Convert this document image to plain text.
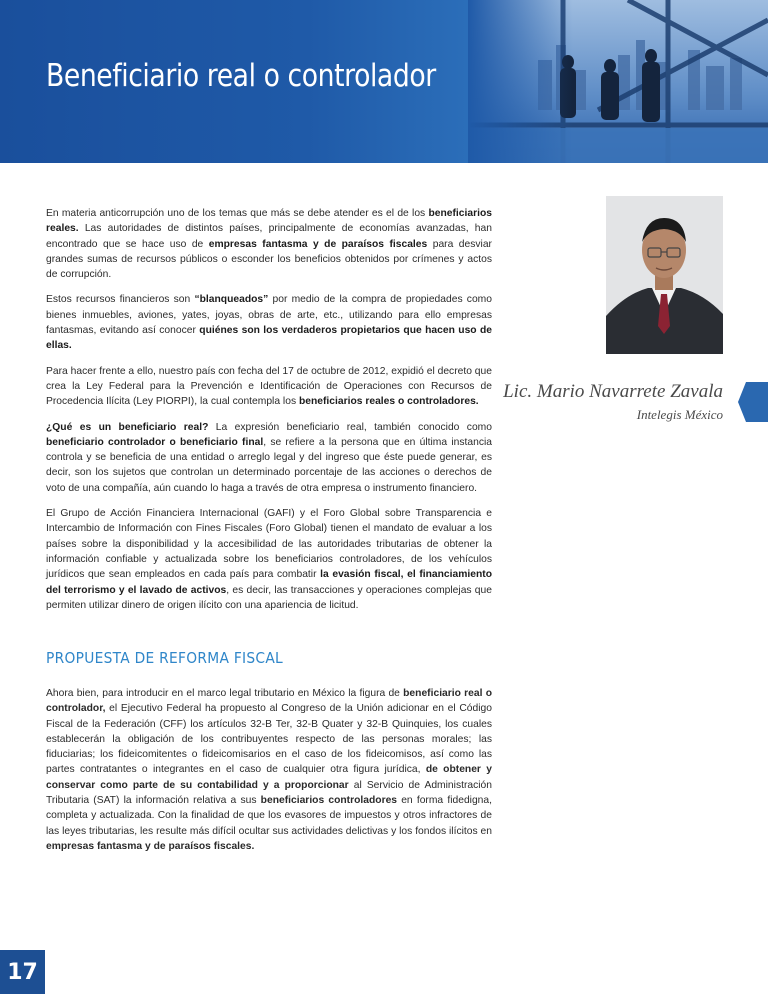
Beneficiario real o controlador

En materia anticorrupción uno de los temas que más se debe atender es el de los beneficiarios reales. Las autoridades de distintos países, principalmente de economías avanzadas, han encontrado que se hace uso de empresas fantasma y de paraísos fiscales para desviar grandes sumas de recursos públicos o esconder los beneficios obtenidos por crímenes y actos de corrupción.

Estos recursos financieros son “blanqueados” por medio de la compra de propiedades como bienes inmuebles, aviones, yates, joyas, obras de arte, etc., utilizando para ello empresas fantasmas, evitando así conocer quiénes son los verdaderos propietarios que hacen uso de ellas.

Para hacer frente a ello, nuestro país con fecha del 17 de octubre de 2012, expidió el decreto que crea la Ley Federal para la Prevención e Identificación de Operaciones con Recursos de Procedencia Ilícita (Ley PIORPI), la cual contempla los beneficiarios reales o controladores.

¿Qué es un beneficiario real? La expresión beneficiario real, también conocido como beneficiario controlador o beneficiario final, se refiere a la persona que en última instancia controla y se beneficia de una entidad o arreglo legal y del ingreso que éste puede generar, es decir, son los sujetos que controlan un determinado porcentaje de las acciones o derechos de voto de una compañía, aún cuando lo haga a través de otra empresa o instrumento financiero.

El Grupo de Acción Financiera Internacional (GAFI) y el Foro Global sobre Transparencia e Intercambio de Información con Fines Fiscales (Foro Global) tienen el mandato de evaluar a los países sobre la disponibilidad y la accesibilidad de las autoridades tributarias de obtener la información confiable y actualizada sobre los beneficiarios controladores, de los vehículos jurídicos que sean empleados en cada país para combatir la evasión fiscal, el financiamiento del terrorismo y el lavado de activos, es decir, las transacciones y operaciones complejas que permiten utilizar dinero de origen ilícito con una apariencia de licitud.

PROPUESTA DE REFORMA FISCAL

Ahora bien, para introducir en el marco legal tributario en México la figura de beneficiario real o controlador, el Ejecutivo Federal ha propuesto al Congreso de la Unión adicionar en el Código Fiscal de la Federación (CFF) los artículos 32-B Ter, 32-B Quater y 32-B Quinquies, los cuales establecerán la obligación de los contribuyentes respecto de las personas morales; las fiduciarias; los fideicomitentes o fideicomisarios en el caso de los fideicomisos, así como las partes contratantes o integrantes en el caso de cualquier otra figura jurídica, de obtener y conservar como parte de su contabilidad y a proporcionar al Servicio de Administración Tributaria (SAT) la información relativa a sus beneficiarios controladores en forma fidedigna, completa y actualizada. Con la finalidad de que los evasores de impuestos y otros infractores de las leyes tributarias, les resulte más difícil ocultar sus actividades delictivas y los fondos ilícitos en empresas fantasma y de paraísos fiscales.

Lic. Mario Navarrete Zavala
Intelegis México
17
